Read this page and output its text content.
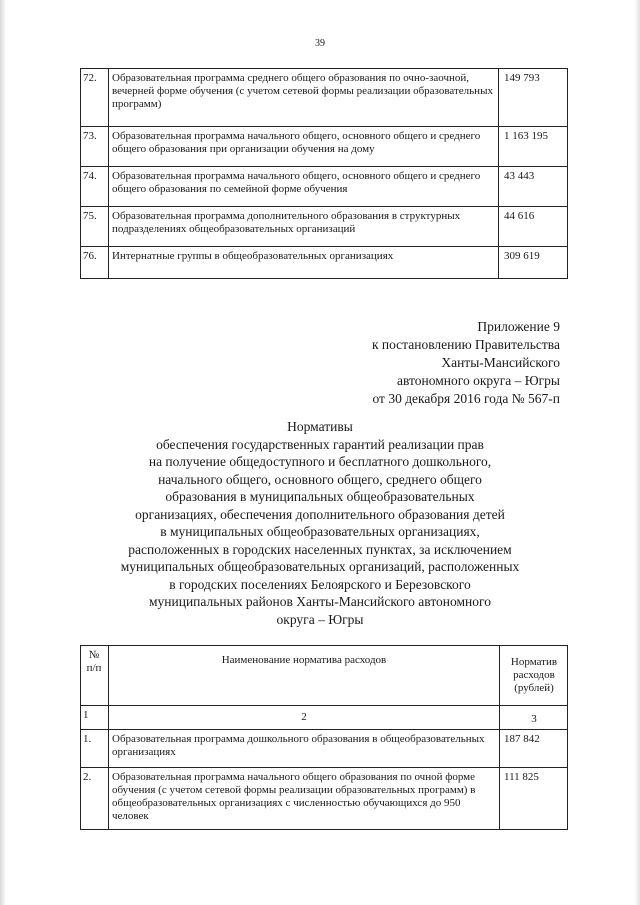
39
72.	Образовательная программа среднего общего образования по очно-заочной, вечерней форме обучения (с учетом сетевой формы реализации образовательных программ)	149 793
73.	Образовательная программа начального общего, основного общего и среднего общего образования при организации обучения на дому	1 163 195
74.	Образовательная программа начального общего, основного общего и среднего общего образования по семейной форме обучения	43 443
75.	Образовательная программа дополнительного образования в структурных подразделениях общеобразовательных организаций	44 616
76.	Интернатные группы в общеобразовательных организациях	309 619
Приложение 9
к постановлению Правительства
Ханты-Мансийского
автономного округа – Югры
от 30 декабря 2016 года № 567-п
Нормативы
обеспечения государственных гарантий реализации прав
на получение общедоступного и бесплатного дошкольного,
начального общего, основного общего, среднего общего
образования в муниципальных общеобразовательных
организациях, обеспечения дополнительного образования детей
в муниципальных общеобразовательных организациях,
расположенных в городских населенных пунктах, за исключением
муниципальных общеобразовательных организаций, расположенных
в городских поселениях Белоярского и Березовского
муниципальных районов Ханты-Мансийского автономного
округа – Югры
№ п/п	Наименование норматива расходов	Норматив
расходов
(рублей)

1	2	3
1.	Образовательная программа дошкольного образования в общеобразовательных организациях	187 842
2.	Образовательная программа начального общего образования по очной форме обучения (с учетом сетевой формы реализации образовательных программ) в общеобразовательных организациях с численностью обучающихся до 950 человек	111 825
